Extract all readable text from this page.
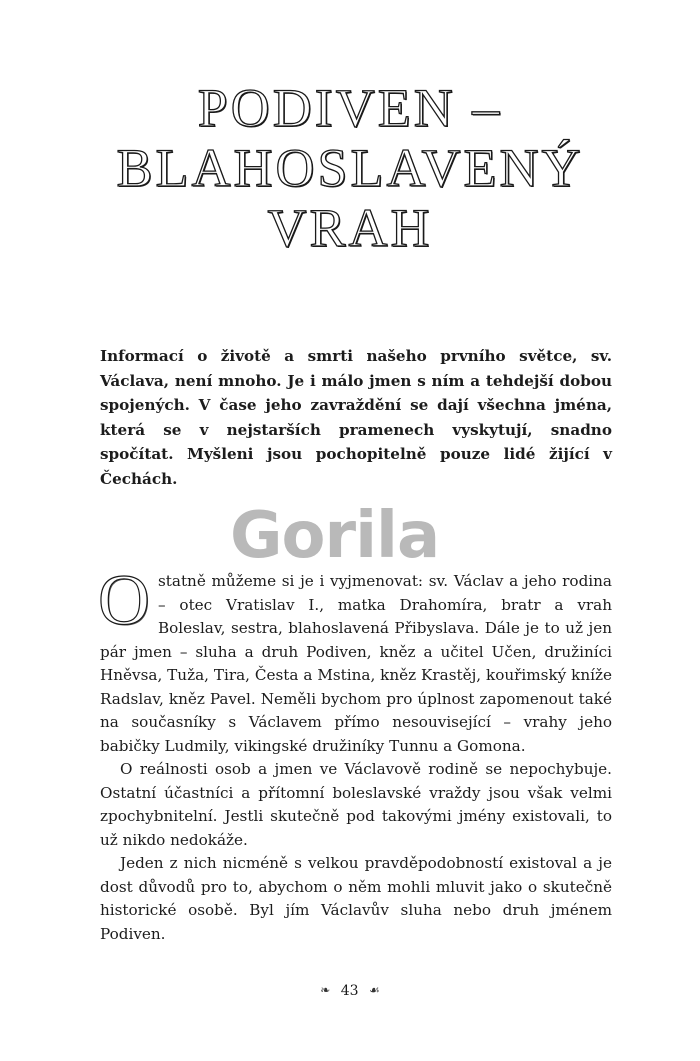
PODIVEN –
BLAHOSLAVENÝ
VRAH

Informací o životě a smrti našeho prvního světce, sv. Václava, není mnoho. Je i málo jmen s ním a tehdejší dobou spojených. V čase jeho zavraždění se dají všechna jména, která se v nejstarších pramenech vyskytují, snadno spočítat. Myšleni jsou pochopitelně pouze lidé žijící v Čechách.

Gorila

Ostatně můžeme si je i vyjmenovat: sv. Václav a jeho rodina – otec Vratislav I., matka Drahomíra, bratr a vrah Boleslav, sestra, blahoslavená Přibyslava. Dále je to už jen pár jmen – sluha a druh Podiven, kněz a učitel Učen, družiníci Hněvsa, Tuža, Tira, Česta a Mstina, kněz Krastěj, kouřimský kníže Radslav, kněz Pavel. Neměli bychom pro úplnost zapomenout také na současníky s Václavem přímo nesouvisející – vrahy jeho babičky Ludmily, vikingské družiníky Tunnu a Gomona.

O reálnosti osob a jmen ve Václavově rodině se nepochybuje. Ostatní účastníci a přítomní boleslavské vraždy jsou však velmi zpochybnitelní. Jestli skutečně pod takovými jmény existovali, to už nikdo nedokáže.

Jeden z nich nicméně s velkou pravděpodobností existoval a je dost důvodů pro to, abychom o něm mohli mluvit jako o skutečně historické osobě. Byl jím Václavův sluha nebo druh jménem Podiven.

❧ 43 ☙
